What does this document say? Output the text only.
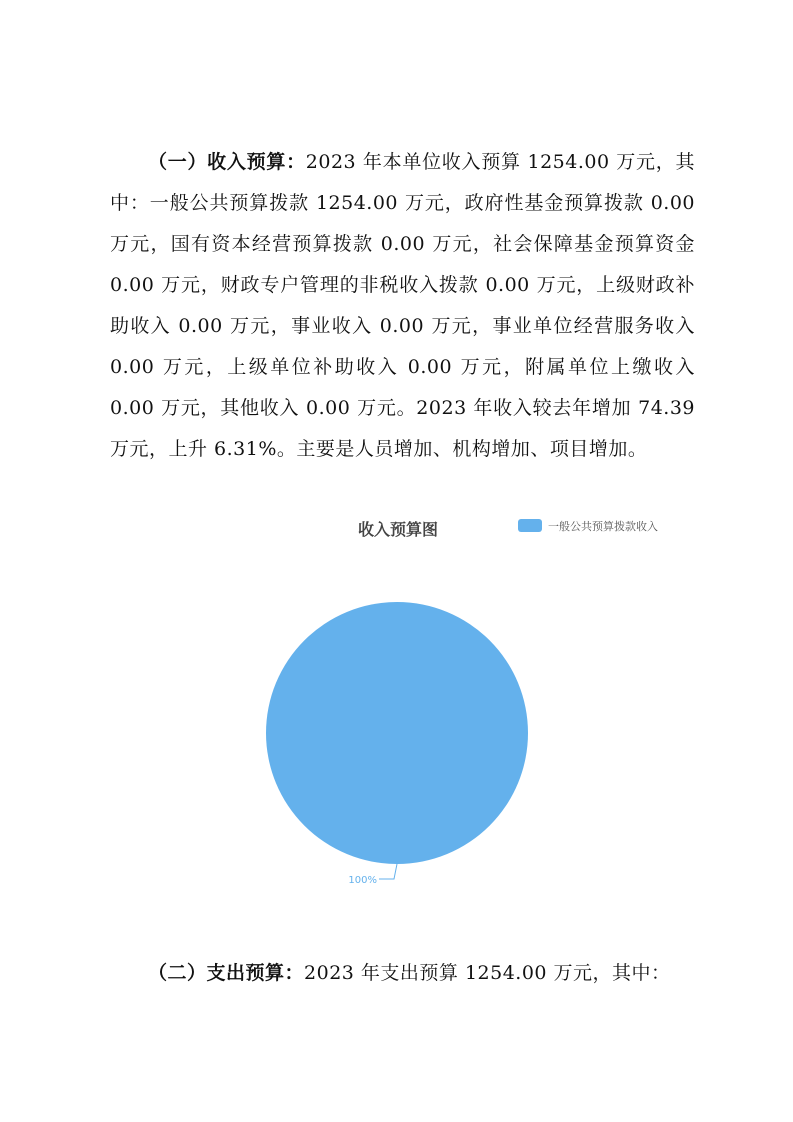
（一）收入预算：2023 年本单位收入预算 1254.00 万元，其中：一般公共预算拨款 1254.00 万元，政府性基金预算拨款 0.00 万元，国有资本经营预算拨款 0.00 万元，社会保障基金预算资金 0.00 万元，财政专户管理的非税收入拨款 0.00 万元，上级财政补助收入 0.00 万元，事业收入 0.00 万元，事业单位经营服务收入 0.00 万元，上级单位补助收入 0.00 万元，附属单位上缴收入 0.00 万元，其他收入 0.00 万元。2023 年收入较去年增加 74.39 万元，上升 6.31%。主要是人员增加、机构增加、项目增加。
收入预算图	一般公共预算拨款收入
100%
（二）支出预算：2023 年支出预算 1254.00 万元，其中：
